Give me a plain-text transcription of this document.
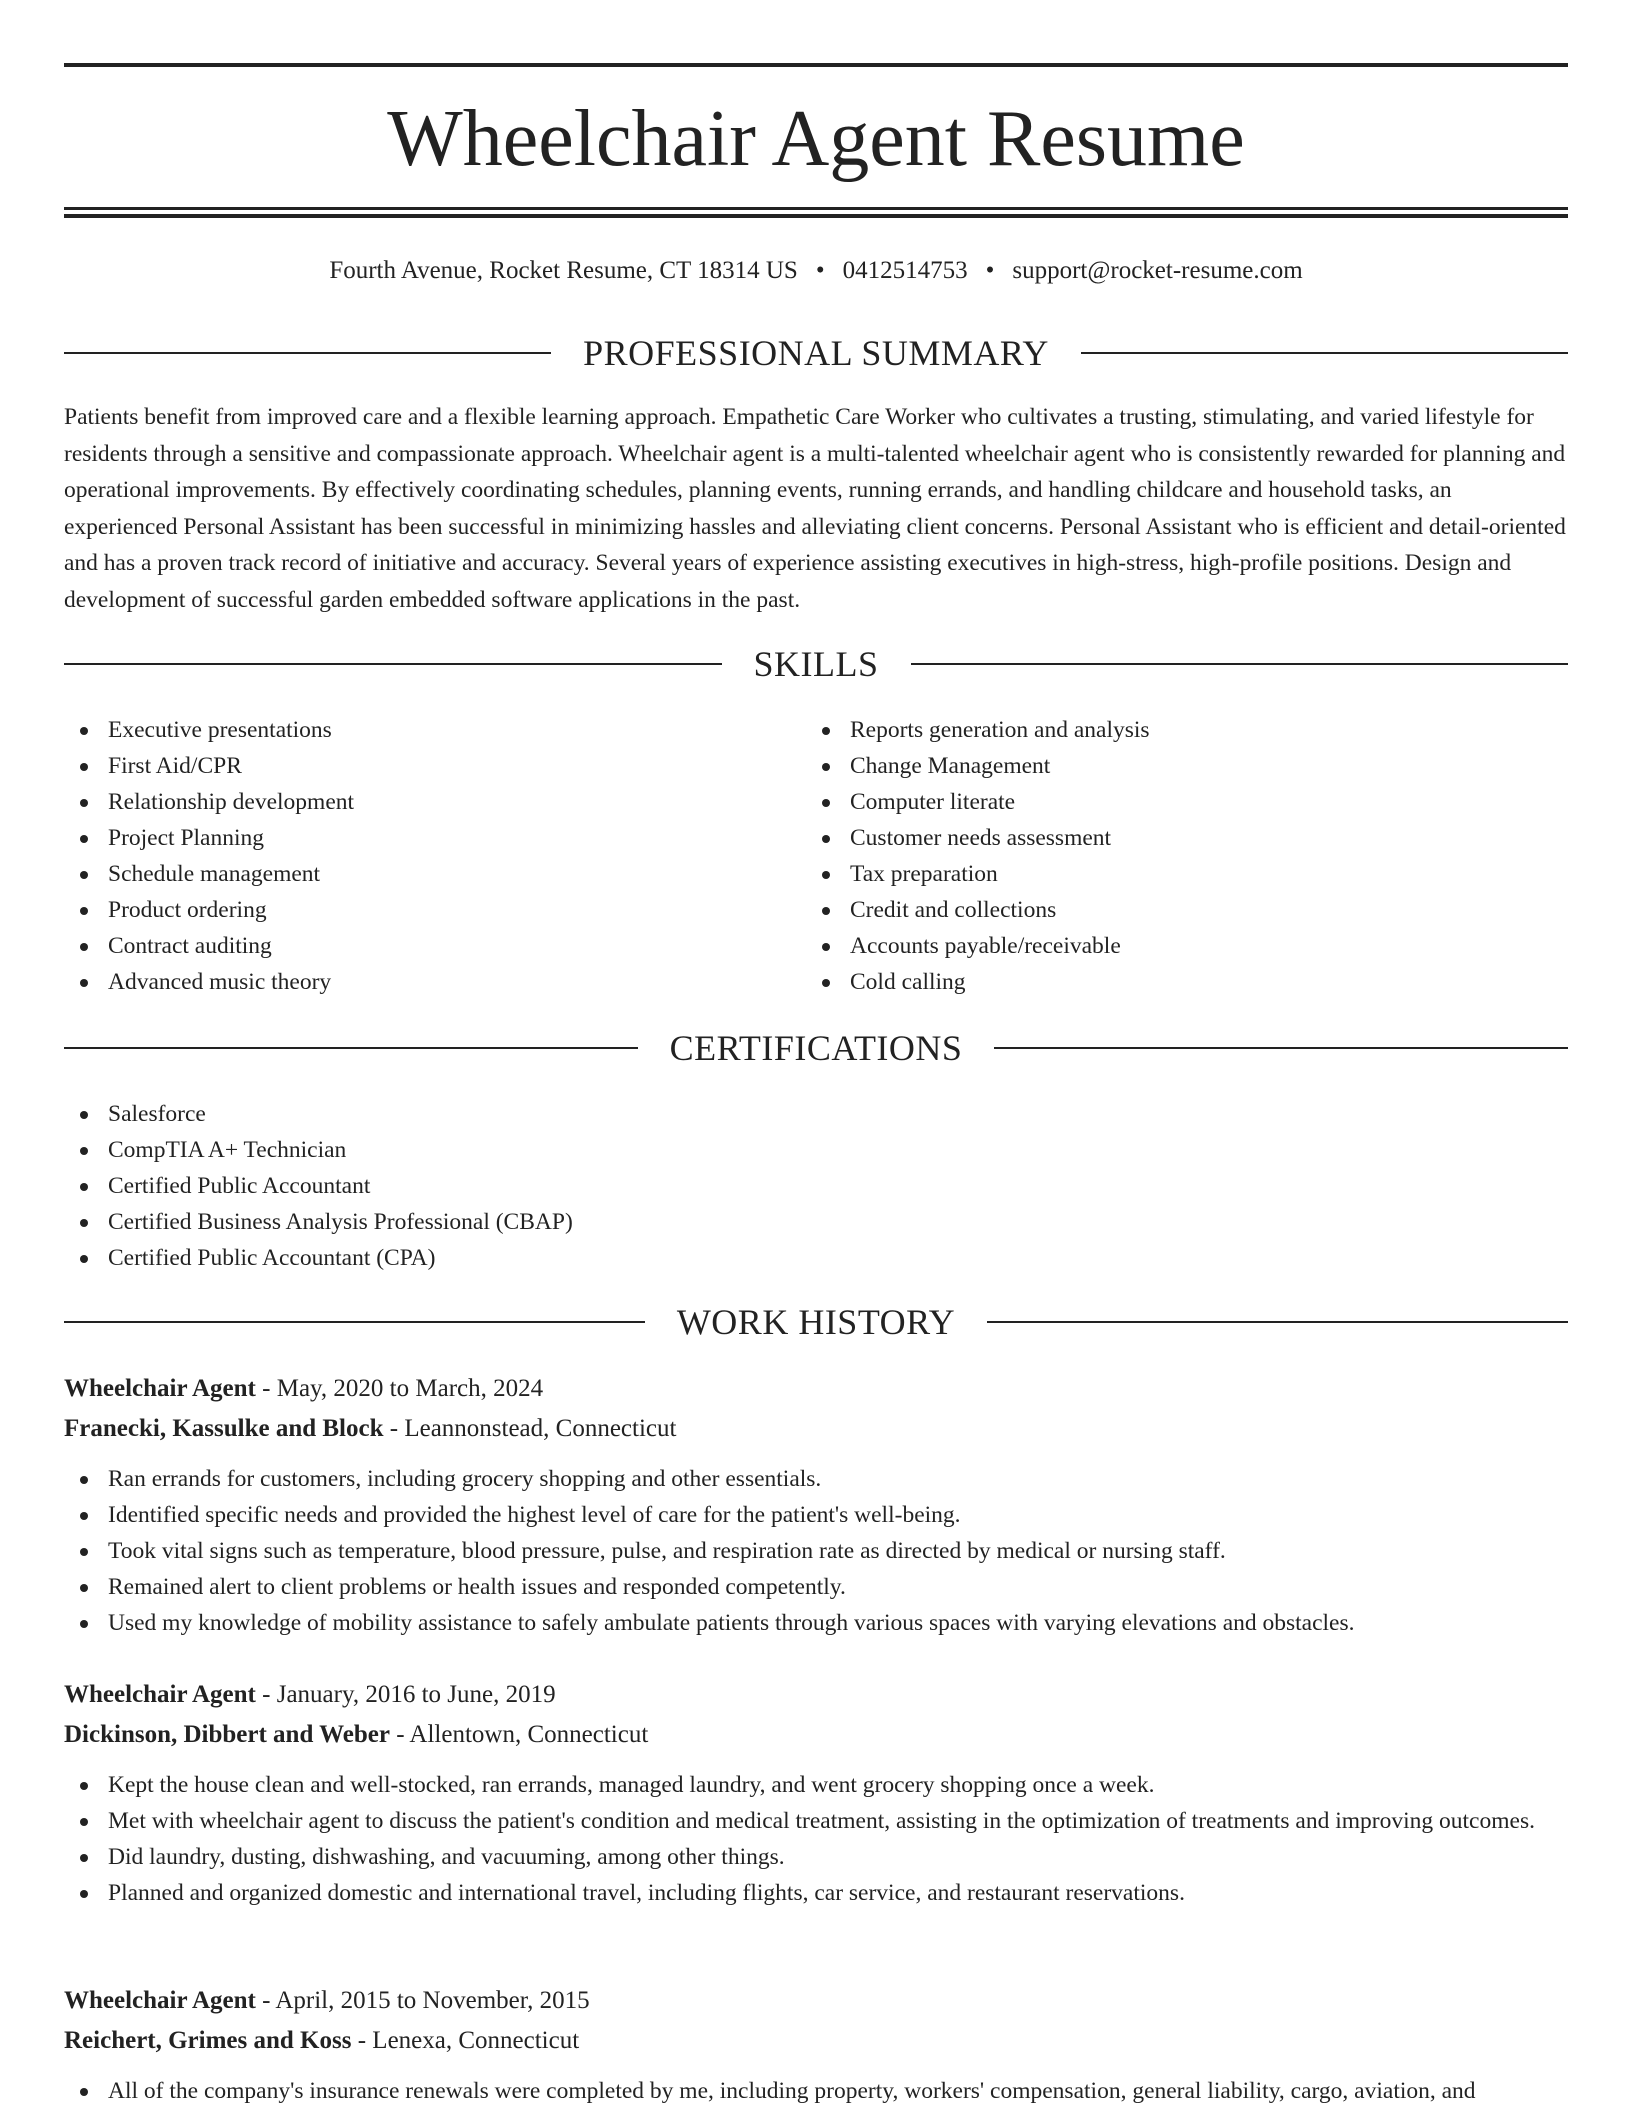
Wheelchair Agent Resume
Fourth Avenue, Rocket Resume, CT 18314 US • 0412514753 • support@rocket-resume.com
PROFESSIONAL SUMMARY

Patients benefit from improved care and a flexible learning approach. Empathetic Care Worker who cultivates a trusting, stimulating, and varied lifestyle for residents through a sensitive and compassionate approach. Wheelchair agent is a multi-talented wheelchair agent who is consistently rewarded for planning and operational improvements. By effectively coordinating schedules, planning events, running errands, and handling childcare and household tasks, an experienced Personal Assistant has been successful in minimizing hassles and alleviating client concerns. Personal Assistant who is efficient and detail-oriented and has a proven track record of initiative and accuracy. Several years of experience assisting executives in high-stress, high-profile positions. Design and development of successful garden embedded software applications in the past.

SKILLS
Executive presentations
First Aid/CPR
Relationship development
Project Planning
Schedule management
Product ordering
Contract auditing
Advanced music theory
Reports generation and analysis
Change Management
Computer literate
Customer needs assessment
Tax preparation
Credit and collections
Accounts payable/receivable
Cold calling
CERTIFICATIONS
Salesforce
CompTIA A+ Technician
Certified Public Accountant
Certified Business Analysis Professional (CBAP)
Certified Public Accountant (CPA)
WORK HISTORY
Wheelchair Agent - May, 2020 to March, 2024
Franecki, Kassulke and Block - Leannonstead, Connecticut
Ran errands for customers, including grocery shopping and other essentials.
Identified specific needs and provided the highest level of care for the patient's well-being.
Took vital signs such as temperature, blood pressure, pulse, and respiration rate as directed by medical or nursing staff.
Remained alert to client problems or health issues and responded competently.
Used my knowledge of mobility assistance to safely ambulate patients through various spaces with varying elevations and obstacles.
Wheelchair Agent - January, 2016 to June, 2019
Dickinson, Dibbert and Weber - Allentown, Connecticut
Kept the house clean and well-stocked, ran errands, managed laundry, and went grocery shopping once a week.
Met with wheelchair agent to discuss the patient's condition and medical treatment, assisting in the optimization of treatments and improving outcomes.
Did laundry, dusting, dishwashing, and vacuuming, among other things.
Planned and organized domestic and international travel, including flights, car service, and restaurant reservations.
Wheelchair Agent - April, 2015 to November, 2015
Reichert, Grimes and Koss - Lenexa, Connecticut
All of the company's insurance renewals were completed by me, including property, workers' compensation, general liability, cargo, aviation, and
